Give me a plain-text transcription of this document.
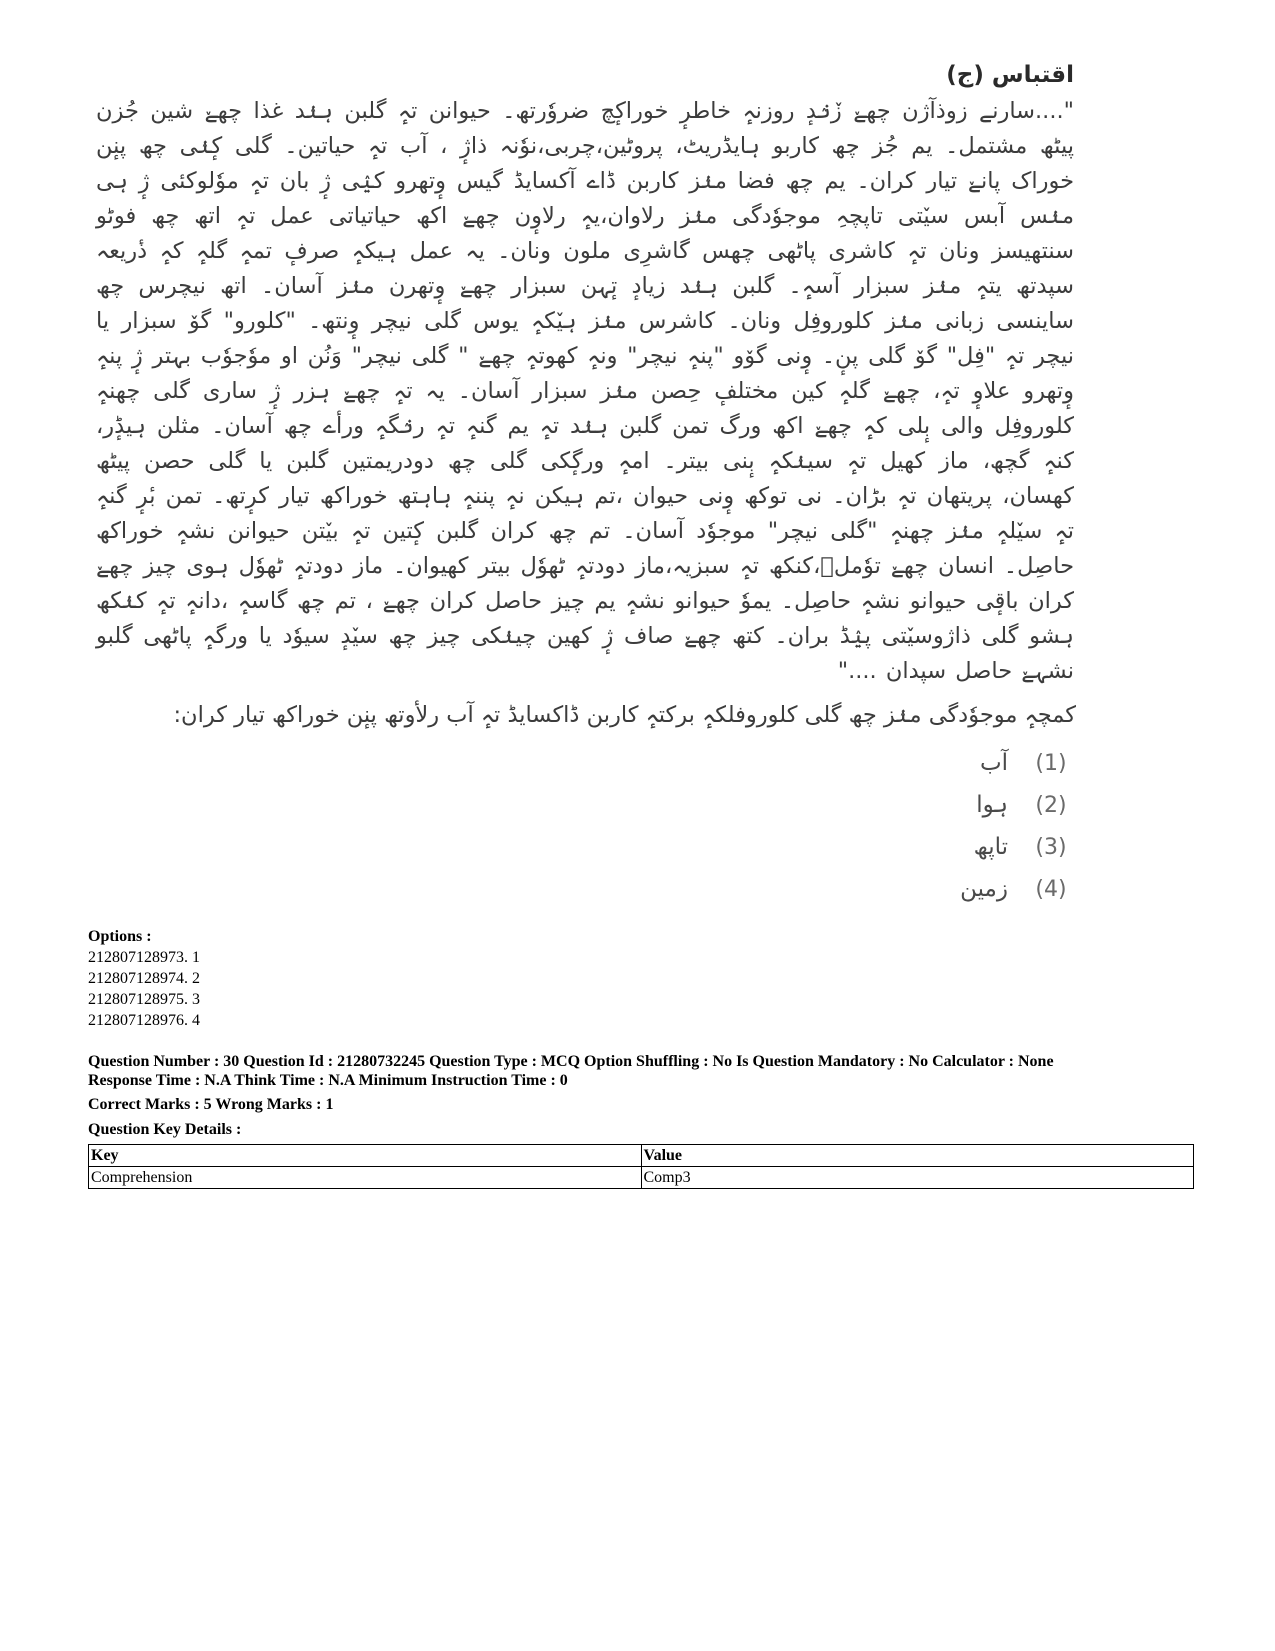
اقتباس (ج)

"....سارنے زوذآژن چھےٚ زٚنٛدٕ روزنہٕ خاطرٕ خوراکٕچ ضروٗرتھ۔ حیوانن تہٕ گلبن ہنٛد غذا چھےٚ شین جُزن پیٹھ مشتمل۔ یم جُز چھ کاربو ہایڈریٹ، پروٹین،چربی،نوٗنہ ذاژٕ ، آب تہٕ حیاتین۔ گلی کٕنٛی چھ پنٕن خوراک پانےٚ تیار کران۔ یم چھ فضا منٛز کاربن ڈاے آکسایڈ گیس وٕتھرو کیٛی ژٕ بان تہٕ موٗلوکئی ژٕ ہی منٛس آبس سیٚتی تاپچہِ موجوٗدگی منٛز رلاوان،یہٕ رلاوٕن چھےٚ اکھ حیاتیاتی عمل تہٕ اتھ چھ فوٹو سنتھیسز ونان تہٕ کاشری پاٹھی چھس گاشرِی ملون ونان۔ یہ عمل ہیکہٕ صرفٕ تمہٕ گلہٕ کہٕ ذٔریعہ سپدتھ یتہٕ منٛز سبزار آسہٕ۔ گلبن ہنٛد زیادٕ تٕہن سبزار چھےٚ وٕتھرن منٛز آسان۔ اتھ نیچرس چھ ساینسی زبانی منٛز کلوروفِل ونان۔ کاشرس منٛز ہیٚکہٕ یوس گلی نیچر وٕنتھ۔ "کلورو" گوٚ سبزار یا نیچر تہٕ "فِل" گوٚ گلی پنٕ۔ وٕنی گوٚو "پنہٕ نیچر" ونہٕ کھوتہٕ چھےٚ " گلی نیچر" وَنُن او موٗجوٗب بہتر ژٕ پنہٕ وٕتھرو علاوٕ تہٕ، چھےٚ گلہٕ کین مختلفٕ حِصن منٛز سبزار آسان۔ یہ تہٕ چھےٚ ہزر ژٕ ساری گلی چھنہٕ کلوروفِل والی بٕلی کہٕ چھےٚ اکھ ورگ تمن گلبن ہنٛد تہٕ یم گنہٕ تہٕ رنٛگہٕ ورأے چھ آسان۔ مثلن ہیڈٕر، کنہٕ گچھ، ماز کھیل تہٕ سینٛکہٕ بٕنی بیتر۔ امہٕ ورگٕکی گلی چھ دودریمتین گلبن یا گلی حصن پیٹھ کھسان، پریتھان تہٕ بڑان۔ نی توکھ وٕنی حیوان ،تم ہیکن نہٕ پننہٕ ہاہتھ خوراکھ تیار کرٕتھ۔ تمن بٔرٕ گنہٕ تہٕ سیٚلہٕ منٛز چھنہٕ "گلی نیچر" موجوٗد آسان۔ تم چھ کران گلبن کٕتین تہٕ بیٚتن حیوانن نشہٕ خوراکھ حاصِل۔ انسان چھےٚ توٗملؔ،کنکھ تہٕ سبزیہ،ماز دودتہٕ ٹھوٗل بیتر کھیوان۔ ماز دودتہٕ ٹھوٗل ہوی چیز چھےٚ کران باقٕی حیوانو نشہٕ حاصِل۔ یموٗ حیوانو نشہٕ یم چیز حاصل کران چھےٚ ، تم چھ گاسہٕ ،دانہٕ تہٕ کنٛکھ ہشو گلی ذاژوسیٚتی پیٛڈ بران۔ کتھ چھےٚ صاف ژٕ کھین چینٛکی چیز چھ سیٚدٕ سیوٗد یا ورگہٕ پاٹھی گلبو نشہےٚ حاصل سپدان ...."

کمچہٕ موجوٗدگی منٛز چھ گلی کلوروفلکہٕ برکتہٕ کاربن ڈاکسایڈ تہٕ آب رلأوتھ پنٕن خوراکھ تیار کران:

(1)
آب
(2)
ہوا
(3)
تاپھ
(4)
زمین
Options :
212807128973. 1
212807128974. 2
212807128975. 3
212807128976. 4
Question Number : 30 Question Id : 21280732245 Question Type : MCQ Option Shuffling : No Is Question Mandatory : No Calculator : None
Response Time : N.A Think Time : N.A Minimum Instruction Time : 0
Correct Marks : 5 Wrong Marks : 1
Question Key Details :
Key	Value
Comprehension	Comp3
